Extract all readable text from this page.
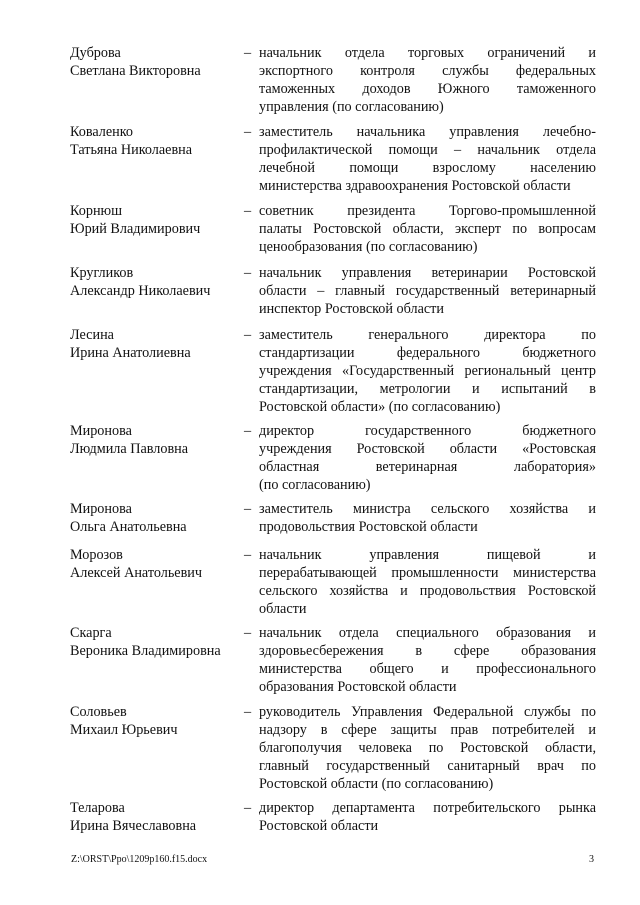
Дуброва
Светлана Викторовна
– начальник отдела торговых ограничений и
экспортного контроля службы федеральных
таможенных доходов Южного таможенного
управления (по согласованию)
Коваленко
Татьяна Николаевна
– заместитель начальника управления лечебно-
профилактической помощи – начальник отдела
лечебной помощи взрослому населению
министерства здравоохранения Ростовской области
Корнюш
Юрий Владимирович
– советник президента Торгово-промышленной
палаты Ростовской области, эксперт по вопросам
ценообразования (по согласованию)
Кругликов
Александр Николаевич
– начальник управления ветеринарии Ростовской
области – главный государственный ветеринарный
инспектор Ростовской области
Лесина
Ирина Анатолиевна
– заместитель генерального директора по
стандартизации федерального бюджетного
учреждения «Государственный региональный центр
стандартизации, метрологии и испытаний в
Ростовской области» (по согласованию)
Миронова
Людмила Павловна
– директор государственного бюджетного
учреждения Ростовской области «Ростовская
областная ветеринарная лаборатория»
(по согласованию)
Миронова
Ольга Анатольевна
– заместитель министра сельского хозяйства и
продовольствия Ростовской области
Морозов
Алексей Анатольевич
– начальник управления пищевой и
перерабатывающей промышленности министерства
сельского хозяйства и продовольствия Ростовской
области
Скарга
Вероника Владимировна
– начальник отдела специального образования и
здоровьесбережения в сфере образования
министерства общего и профессионального
образования Ростовской области
Соловьев
Михаил Юрьевич
– руководитель Управления Федеральной службы по
надзору в сфере защиты прав потребителей и
благополучия человека по Ростовской области,
главный государственный санитарный врач по
Ростовской области (по согласованию)
Теларова
Ирина Вячеславовна
– директор департамента потребительского рынка
Ростовской области
Z:\ORST\Ppo\1209p160.f15.docx	3
